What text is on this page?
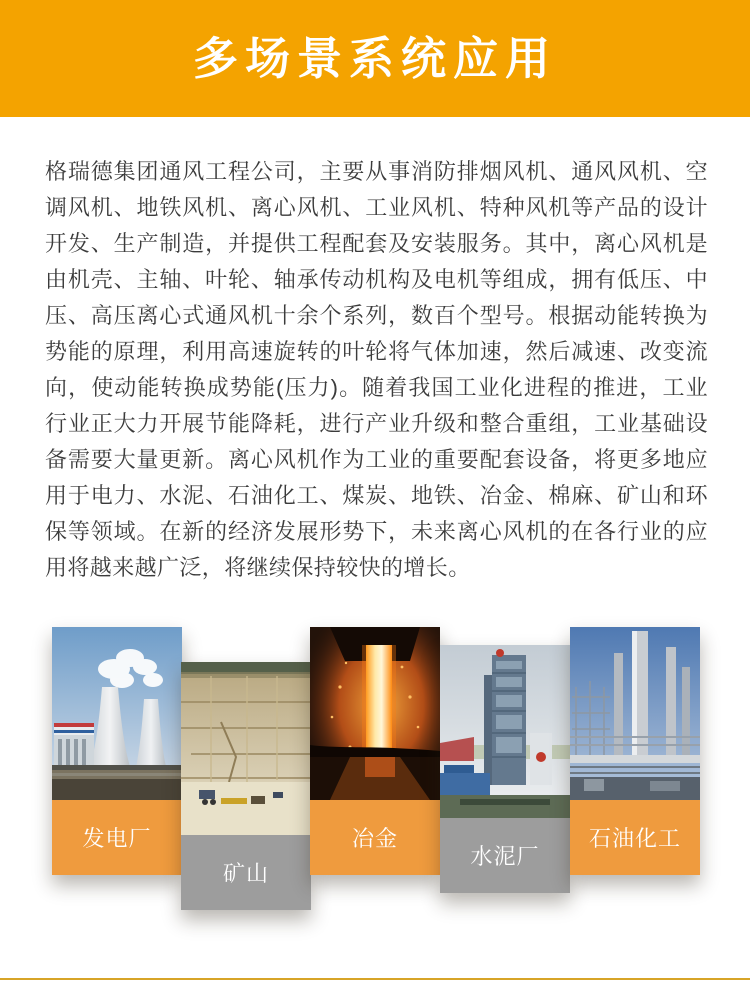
多场景系统应用

格瑞德集团通风工程公司，主要从事消防排烟风机、通风风机、空调风机、地铁风机、离心风机、工业风机、特种风机等产品的设计开发、生产制造，并提供工程配套及安装服务。其中，离心风机是由机壳、主轴、叶轮、轴承传动机构及电机等组成，拥有低压、中压、高压离心式通风机十余个系列，数百个型号。根据动能转换为势能的原理，利用高速旋转的叶轮将气体加速，然后减速、改变流向，使动能转换成势能(压力)。随着我国工业化进程的推进，工业行业正大力开展节能降耗，进行产业升级和整合重组，工业基础设备需要大量更新。离心风机作为工业的重要配套设备，将更多地应用于电力、水泥、石油化工、煤炭、地铁、冶金、棉麻、矿山和环保等领域。在新的经济发展形势下，未来离心风机的在各行业的应用将越来越广泛，将继续保持较快的增长。

发电厂
矿山
冶金
水泥厂
石油化工
